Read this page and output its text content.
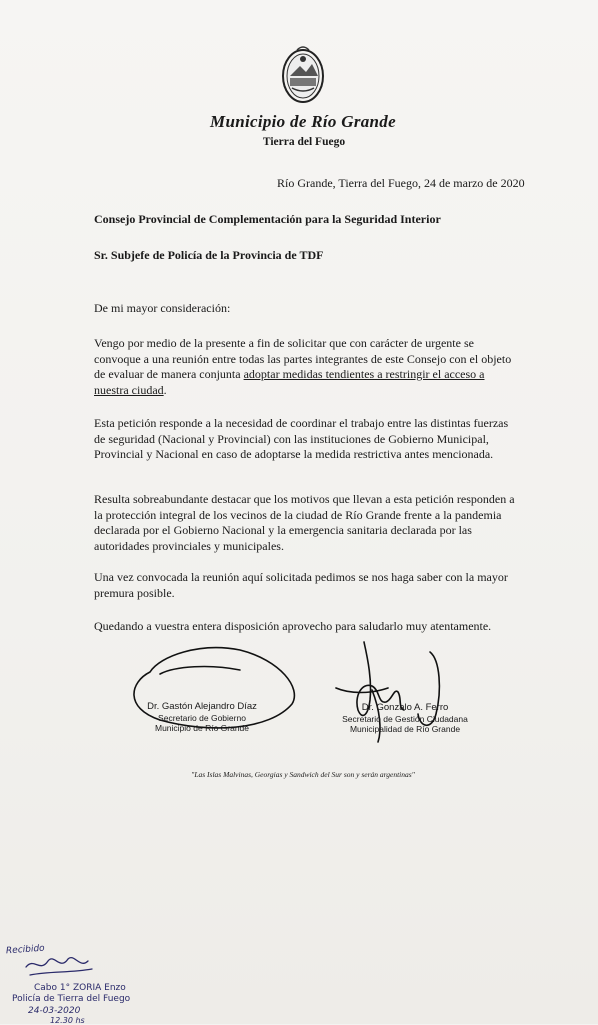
Municipio de Río Grande
Tierra del Fuego
Río Grande, Tierra del Fuego, 24 de marzo de 2020
Consejo Provincial de Complementación para la Seguridad Interior
Sr. Subjefe de Policía de la Provincia de TDF
De mi mayor consideración:
Vengo por medio de la presente a fin de solicitar que con carácter de urgente se convoque a una reunión entre todas las partes integrantes de este Consejo con el objeto de evaluar de manera conjunta adoptar medidas tendientes a restringir el acceso a nuestra ciudad.
Esta petición responde a la necesidad de coordinar el trabajo entre las distintas fuerzas de seguridad (Nacional y Provincial) con las instituciones de Gobierno Municipal, Provincial y Nacional en caso de adoptarse la medida restrictiva antes mencionada.
Resulta sobreabundante destacar que los motivos que llevan a esta petición responden a la protección integral de los vecinos de la ciudad de Río Grande frente a la pandemia declarada por el Gobierno Nacional y la emergencia sanitaria declarada por las autoridades provinciales y municipales.
Una vez convocada la reunión aquí solicitada pedimos se nos haga saber con la mayor premura posible.
Quedando a vuestra entera disposición aprovecho para saludarlo muy atentamente.
Dr. Gastón Alejandro Díaz
Secretario de Gobierno
Municipio de Río Grande
Dr. Gonzalo A. Ferro
Secretario de Gestión Ciudadana
Municipalidad de Río Grande
"Las Islas Malvinas, Georgias y Sandwich del Sur son y serán argentinas"
Recibido
Cabo 1° ZORIA Enzo
Policía de Tierra del Fuego
24-03-2020
12.30 hs
